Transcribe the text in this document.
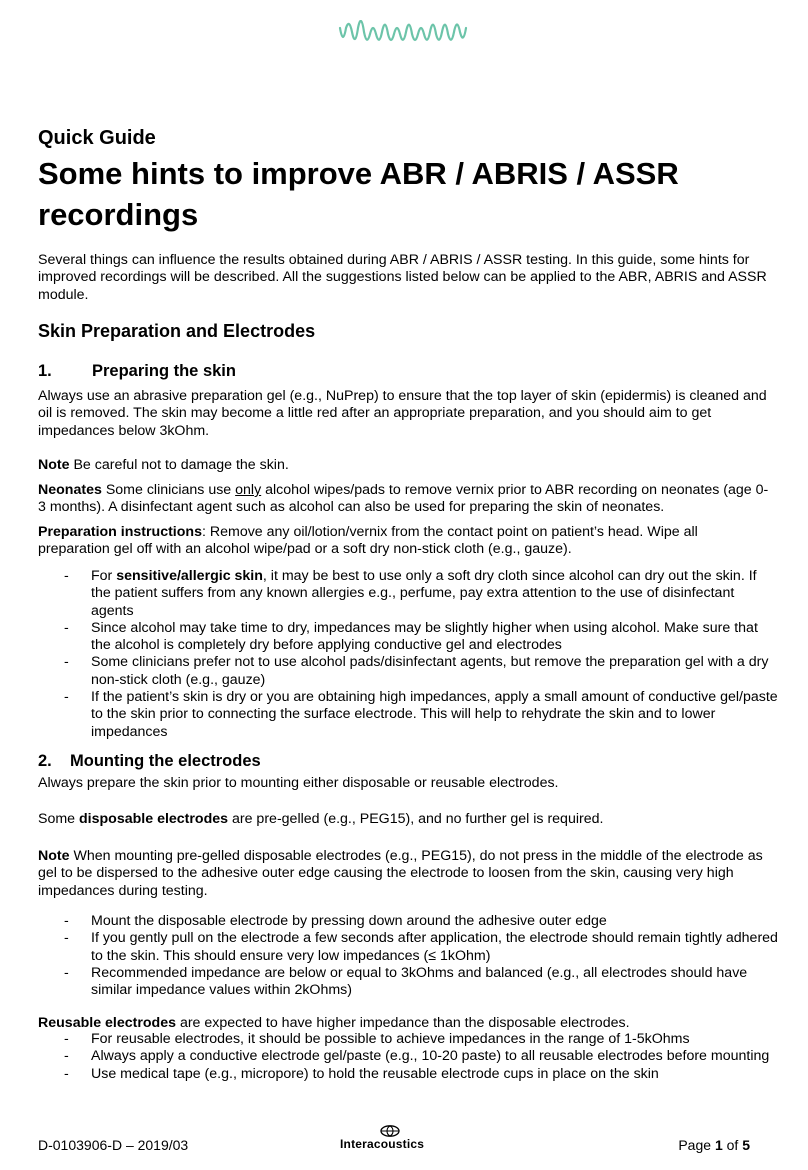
Quick Guide

Some hints to improve ABR / ABRIS / ASSR recordings

Several things can influence the results obtained during ABR / ABRIS / ASSR testing. In this guide, some hints for improved recordings will be described. All the suggestions listed below can be applied to the ABR, ABRIS and ASSR module.

Skin Preparation and Electrodes
1. Preparing the skin

Always use an abrasive preparation gel (e.g., NuPrep) to ensure that the top layer of skin (epidermis) is cleaned and oil is removed. The skin may become a little red after an appropriate preparation, and you should aim to get impedances below 3kOhm.

Note Be careful not to damage the skin.

Neonates Some clinicians use only alcohol wipes/pads to remove vernix prior to ABR recording on neonates (age 0-3 months). A disinfectant agent such as alcohol can also be used for preparing the skin of neonates.

Preparation instructions: Remove any oil/lotion/vernix from the contact point on patient’s head. Wipe all preparation gel off with an alcohol wipe/pad or a soft dry non-stick cloth (e.g., gauze).

- For sensitive/allergic skin, it may be best to use only a soft dry cloth since alcohol can dry out the skin. If the patient suffers from any known allergies e.g., perfume, pay extra attention to the use of disinfectant agents
- Since alcohol may take time to dry, impedances may be slightly higher when using alcohol. Make sure that the alcohol is completely dry before applying conductive gel and electrodes
- Some clinicians prefer not to use alcohol pads/disinfectant agents, but remove the preparation gel with a dry non-stick cloth (e.g., gauze)
- If the patient’s skin is dry or you are obtaining high impedances, apply a small amount of conductive gel/paste to the skin prior to connecting the surface electrode. This will help to rehydrate the skin and to lower impedances
2. Mounting the electrodes

Always prepare the skin prior to mounting either disposable or reusable electrodes.

Some disposable electrodes are pre-gelled (e.g., PEG15), and no further gel is required.

Note When mounting pre-gelled disposable electrodes (e.g., PEG15), do not press in the middle of the electrode as gel to be dispersed to the adhesive outer edge causing the electrode to loosen from the skin, causing very high impedances during testing.

- Mount the disposable electrode by pressing down around the adhesive outer edge
- If you gently pull on the electrode a few seconds after application, the electrode should remain tightly adhered to the skin. This should ensure very low impedances (≤ 1kOhm)
- Recommended impedance are below or equal to 3kOhms and balanced (e.g., all electrodes should have similar impedance values within 2kOhms)

Reusable electrodes are expected to have higher impedance than the disposable electrodes.

- For reusable electrodes, it should be possible to achieve impedances in the range of 1-5kOhms
- Always apply a conductive electrode gel/paste (e.g., 10-20 paste) to all reusable electrodes before mounting
- Use medical tape (e.g., micropore) to hold the reusable electrode cups in place on the skin
D-0103906-D – 2019/03	Interacoustics	Page 1 of 5
